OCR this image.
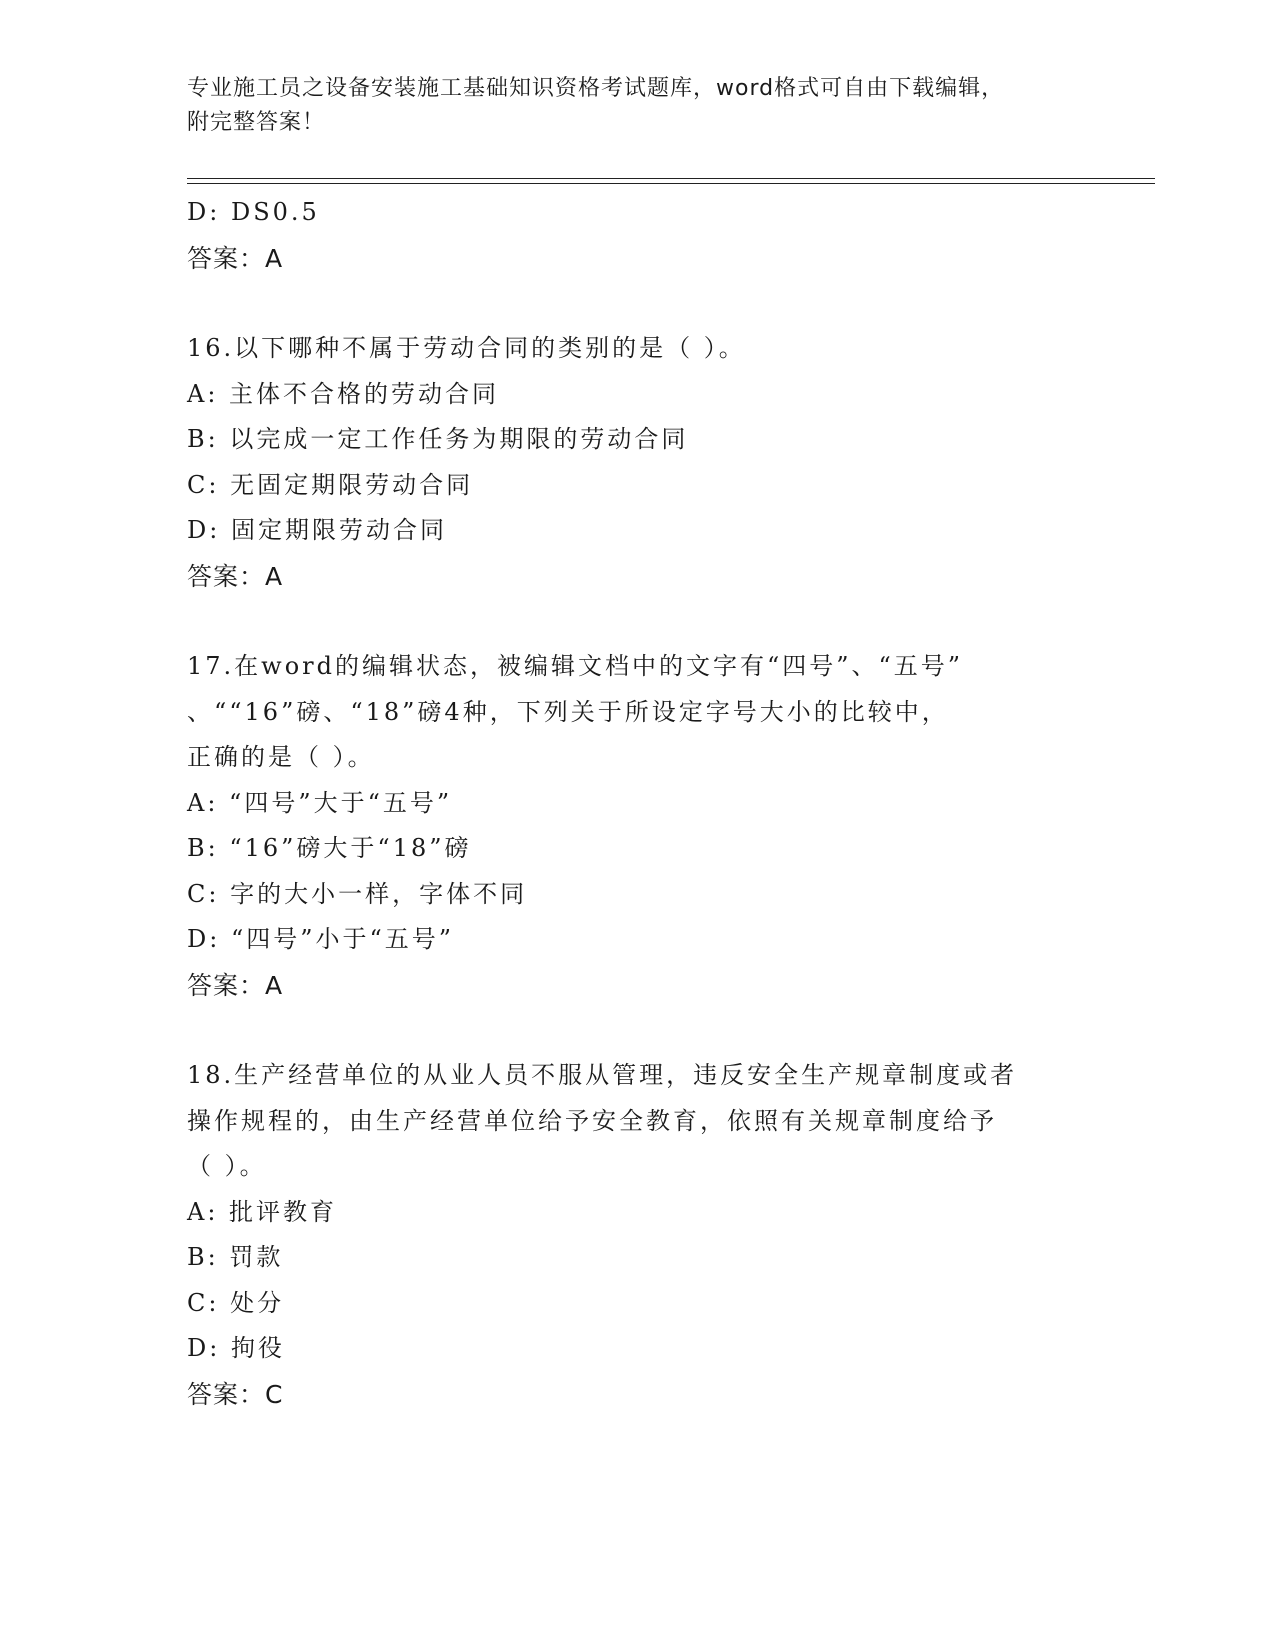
专业施工员之设备安装施工基础知识资格考试题库，word格式可自由下载编辑，
附完整答案！
D: DS0.5
答案：A
16.以下哪种不属于劳动合同的类别的是（ ）。
A: 主体不合格的劳动合同
B: 以完成一定工作任务为期限的劳动合同
C: 无固定期限劳动合同
D: 固定期限劳动合同
答案：A
17.在word的编辑状态，被编辑文档中的文字有“四号”、“五号”
、““16”磅、“18”磅4种，下列关于所设定字号大小的比较中，
正确的是（ ）。
A: “四号”大于“五号”
B: “16”磅大于“18”磅
C: 字的大小一样，字体不同
D: “四号”小于“五号”
答案：A
18.生产经营单位的从业人员不服从管理，违反安全生产规章制度或者
操作规程的，由生产经营单位给予安全教育，依照有关规章制度给予
（ ）。
A: 批评教育
B: 罚款
C: 处分
D: 拘役
答案：C
